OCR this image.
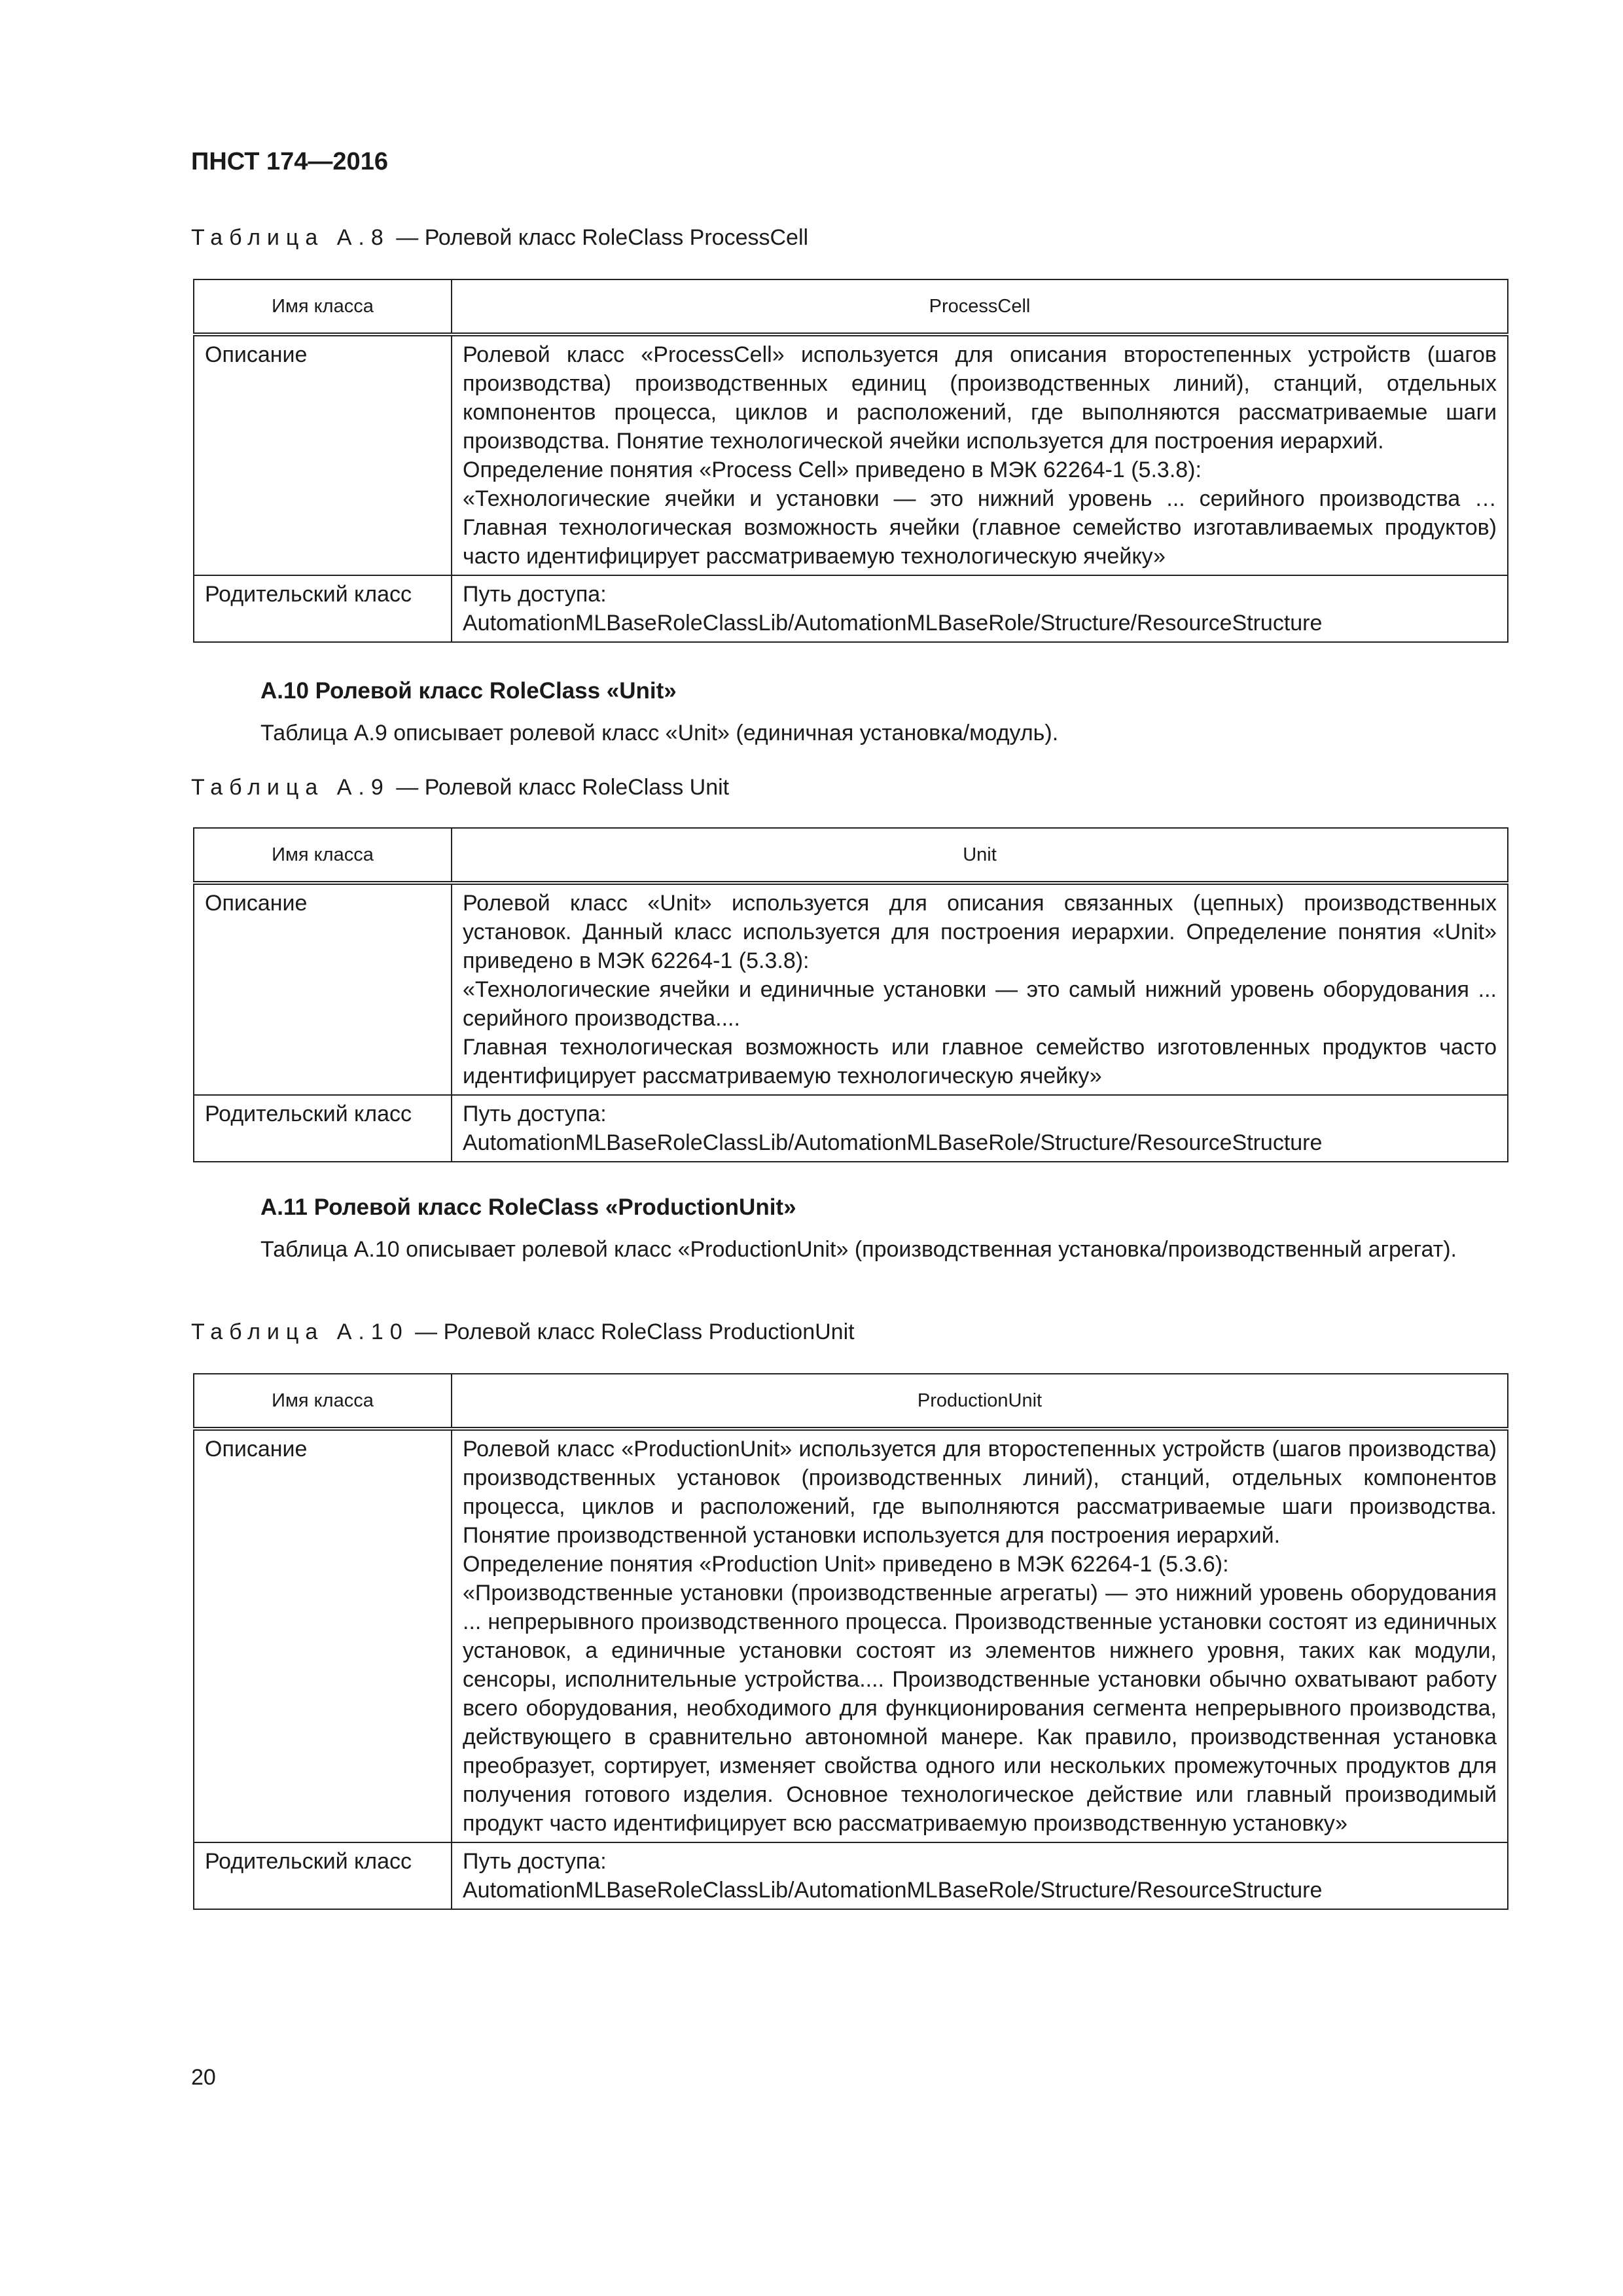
ПНСТ 174—2016
Таблица А.8 — Ролевой класс RoleClass ProcessCell
Имя класса	ProcessCell
Описание	Ролевой класс «ProcessCell» используется для описания второстепенных устройств (шагов производства) производственных единиц (производственных линий), станций, отдельных компонентов процесса, циклов и расположений, где выполняются рассматриваемые шаги производства. Понятие технологической ячейки используется для построения иерархий.
Определение понятия «Process Cell» приведено в МЭК 62264-1 (5.3.8):
«Технологические ячейки и установки — это нижний уровень ... серийного производства … Главная технологическая возможность ячейки (главное семейство изготавливаемых продуктов) часто идентифицирует рассматриваемую технологическую ячейку»

Родительский класс	Путь доступа:
AutomationMLBaseRoleClassLib/AutomationMLBaseRole/Structure/ResourceStructure
А.10 Ролевой класс RoleClass «Unit»
Таблица А.9 описывает ролевой класс «Unit» (единичная установка/модуль).
Таблица А.9 — Ролевой класс RoleClass Unit
Имя класса	Unit
Описание	Ролевой класс «Unit» используется для описания связанных (цепных) производственных установок. Данный класс используется для построения иерархии. Определение понятия «Unit» приведено в МЭК 62264-1 (5.3.8):
«Технологические ячейки и единичные установки — это самый нижний уровень оборудования ... серийного производства....
Главная технологическая возможность или главное семейство изготовленных продуктов часто идентифицирует рассматриваемую технологическую ячейку»

Родительский класс	Путь доступа:
AutomationMLBaseRoleClassLib/AutomationMLBaseRole/Structure/ResourceStructure
А.11 Ролевой класс RoleClass «ProductionUnit»
Таблица А.10 описывает ролевой класс «ProductionUnit» (производственная установка/производственный агрегат).
Таблица А.10 — Ролевой класс RoleClass ProductionUnit
Имя класса	ProductionUnit
Описание	Ролевой класс «ProductionUnit» используется для второстепенных устройств (шагов производства) производственных установок (производственных линий), станций, отдельных компонентов процесса, циклов и расположений, где выполняются рассматриваемые шаги производства. Понятие производственной установки используется для построения иерархий.
Определение понятия «Production Unit» приведено в МЭК 62264-1 (5.3.6):
«Производственные установки (производственные агрегаты) — это нижний уровень оборудования ... непрерывного производственного процесса. Производственные установки состоят из единичных установок, а единичные установки состоят из элементов нижнего уровня, таких как модули, сенсоры, исполнительные устройства.... Производственные установки обычно охватывают работу всего оборудования, необходимого для функционирования сегмента непрерывного производства, действующего в сравнительно автономной манере. Как правило, производственная установка преобразует, сортирует, изменяет свойства одного или нескольких промежуточных продуктов для получения готового изделия. Основное технологическое действие или главный производимый продукт часто идентифицирует всю рассматриваемую производственную установку»

Родительский класс	Путь доступа:
AutomationMLBaseRoleClassLib/AutomationMLBaseRole/Structure/ResourceStructure
20
